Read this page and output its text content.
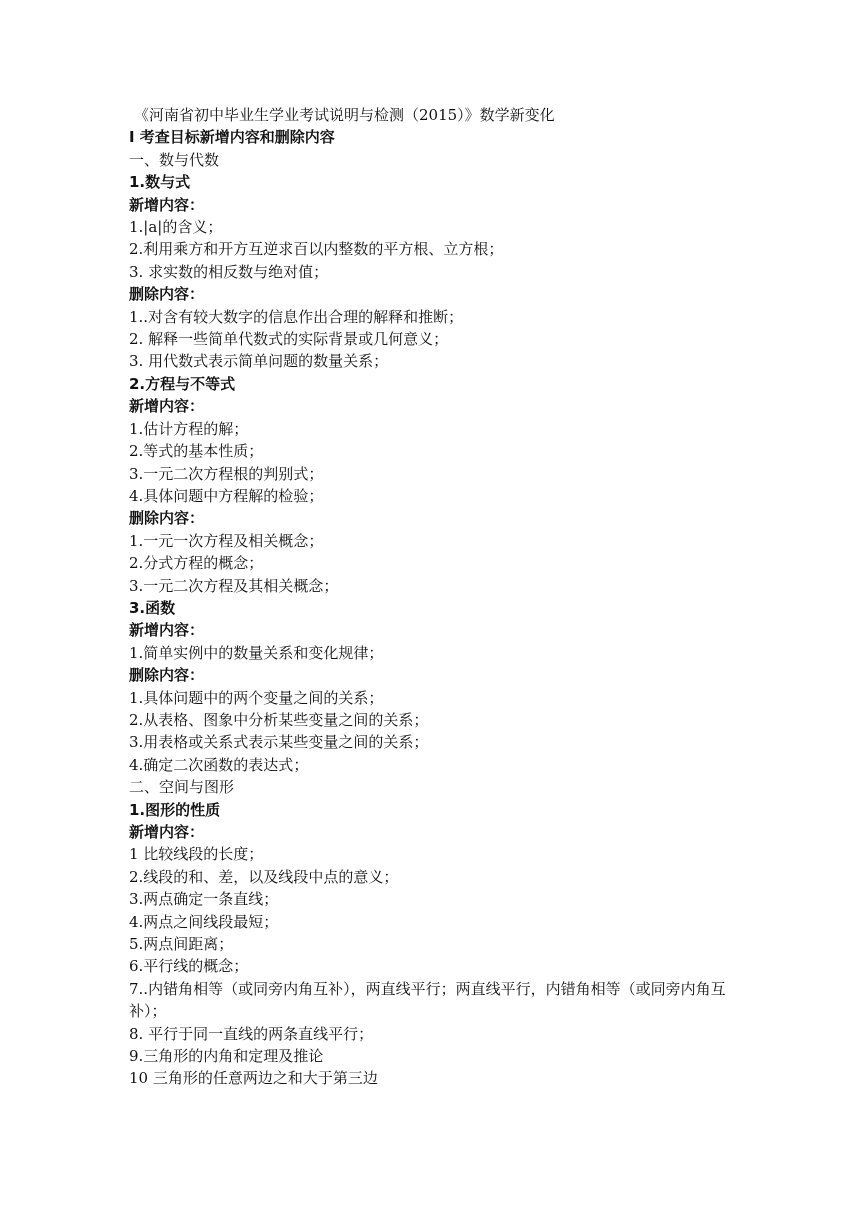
《河南省初中毕业生学业考试说明与检测（2015）》数学新变化
Ⅰ 考查目标新增内容和删除内容
一、数与代数
1.数与式
新增内容：
1.|a|的含义；
2.利用乘方和开方互逆求百以内整数的平方根、立方根；
3. 求实数的相反数与绝对值；
删除内容：
1..对含有较大数字的信息作出合理的解释和推断；
2. 解释一些简单代数式的实际背景或几何意义；
3. 用代数式表示简单问题的数量关系；
2.方程与不等式
新增内容：
1.估计方程的解；
2.等式的基本性质；
3.一元二次方程根的判别式；
4.具体问题中方程解的检验；
删除内容：
1.一元一次方程及相关概念；
2.分式方程的概念；
3.一元二次方程及其相关概念；
3.函数
新增内容：
1.简单实例中的数量关系和变化规律；
删除内容：
1.具体问题中的两个变量之间的关系；
2.从表格、图象中分析某些变量之间的关系；
3.用表格或关系式表示某些变量之间的关系；
4.确定二次函数的表达式；
二、空间与图形
1.图形的性质
新增内容：
1 比较线段的长度；
2.线段的和、差，以及线段中点的意义；
3.两点确定一条直线；
4.两点之间线段最短；
5.两点间距离；
6.平行线的概念；
7..内错角相等（或同旁内角互补），两直线平行；两直线平行，内错角相等（或同旁内角互补）；
8. 平行于同一直线的两条直线平行；
9.三角形的内角和定理及推论
10 三角形的任意两边之和大于第三边
